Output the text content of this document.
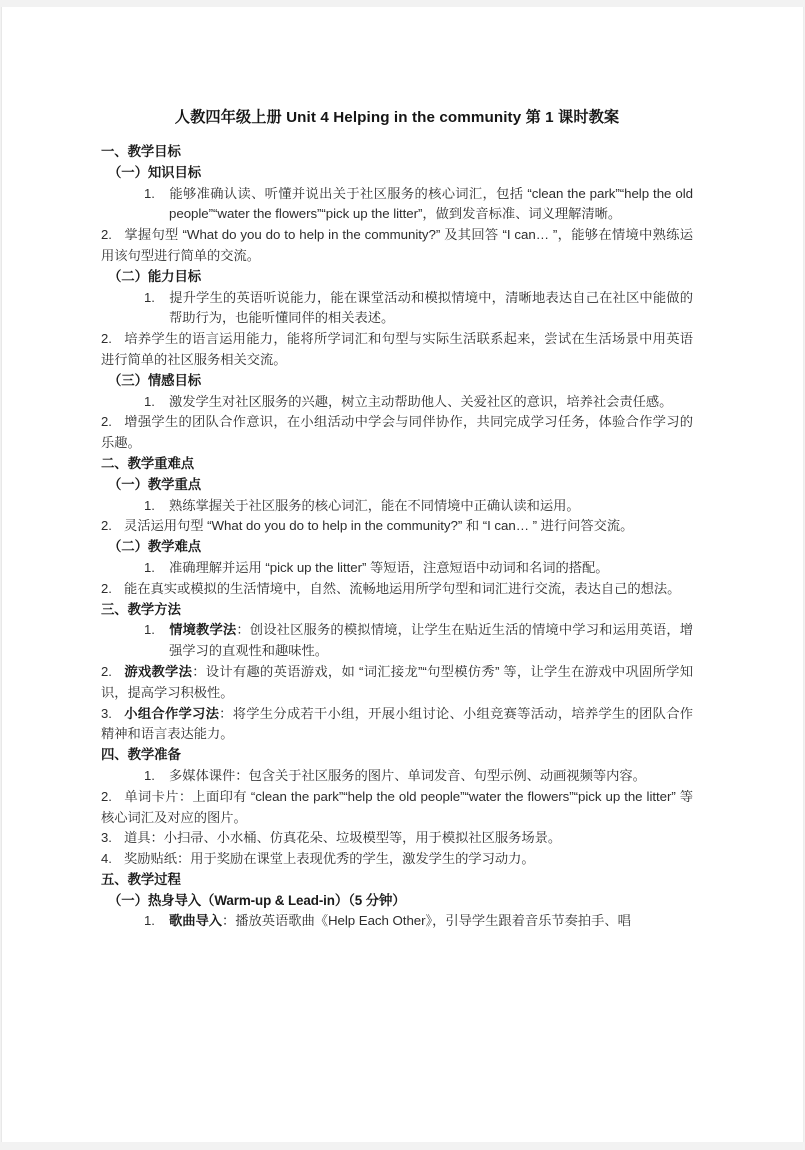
人教四年级上册 Unit 4 Helping in the community 第 1 课时教案

一、教学目标

（一）知识目标

1. 能够准确认读、听懂并说出关于社区服务的核心词汇，包括 “clean the park”“help the old people”“water the flowers”“pick up the litter”，做到发音标准、词义理解清晰。

2. 掌握句型 “What do you do to help in the community?” 及其回答 “I can… ”，能够在情境中熟练运用该句型进行简单的交流。

（二）能力目标

1. 提升学生的英语听说能力，能在课堂活动和模拟情境中，清晰地表达自己在社区中能做的帮助行为，也能听懂同伴的相关表述。

2. 培养学生的语言运用能力，能将所学词汇和句型与实际生活联系起来，尝试在生活场景中用英语进行简单的社区服务相关交流。

（三）情感目标

1. 激发学生对社区服务的兴趣，树立主动帮助他人、关爱社区的意识，培养社会责任感。

2. 增强学生的团队合作意识，在小组活动中学会与同伴协作，共同完成学习任务，体验合作学习的乐趣。

二、教学重难点

（一）教学重点

1. 熟练掌握关于社区服务的核心词汇，能在不同情境中正确认读和运用。

2. 灵活运用句型 “What do you do to help in the community?” 和 “I can… ” 进行问答交流。

（二）教学难点

1. 准确理解并运用 “pick up the litter” 等短语，注意短语中动词和名词的搭配。

2. 能在真实或模拟的生活情境中，自然、流畅地运用所学句型和词汇进行交流，表达自己的想法。

三、教学方法

1. 情境教学法：创设社区服务的模拟情境，让学生在贴近生活的情境中学习和运用英语，增强学习的直观性和趣味性。

2. 游戏教学法：设计有趣的英语游戏，如 “词汇接龙”“句型模仿秀” 等，让学生在游戏中巩固所学知识，提高学习积极性。

3. 小组合作学习法：将学生分成若干小组，开展小组讨论、小组竞赛等活动，培养学生的团队合作精神和语言表达能力。

四、教学准备

1. 多媒体课件：包含关于社区服务的图片、单词发音、句型示例、动画视频等内容。

2. 单词卡片：上面印有 “clean the park”“help the old people”“water the flowers”“pick up the litter” 等核心词汇及对应的图片。

3. 道具：小扫帚、小水桶、仿真花朵、垃圾模型等，用于模拟社区服务场景。

4. 奖励贴纸：用于奖励在课堂上表现优秀的学生，激发学生的学习动力。

五、教学过程

（一）热身导入（Warm-up & Lead-in）（5 分钟）

1. 歌曲导入：播放英语歌曲《Help Each Other》，引导学生跟着音乐节奏拍手、唱
